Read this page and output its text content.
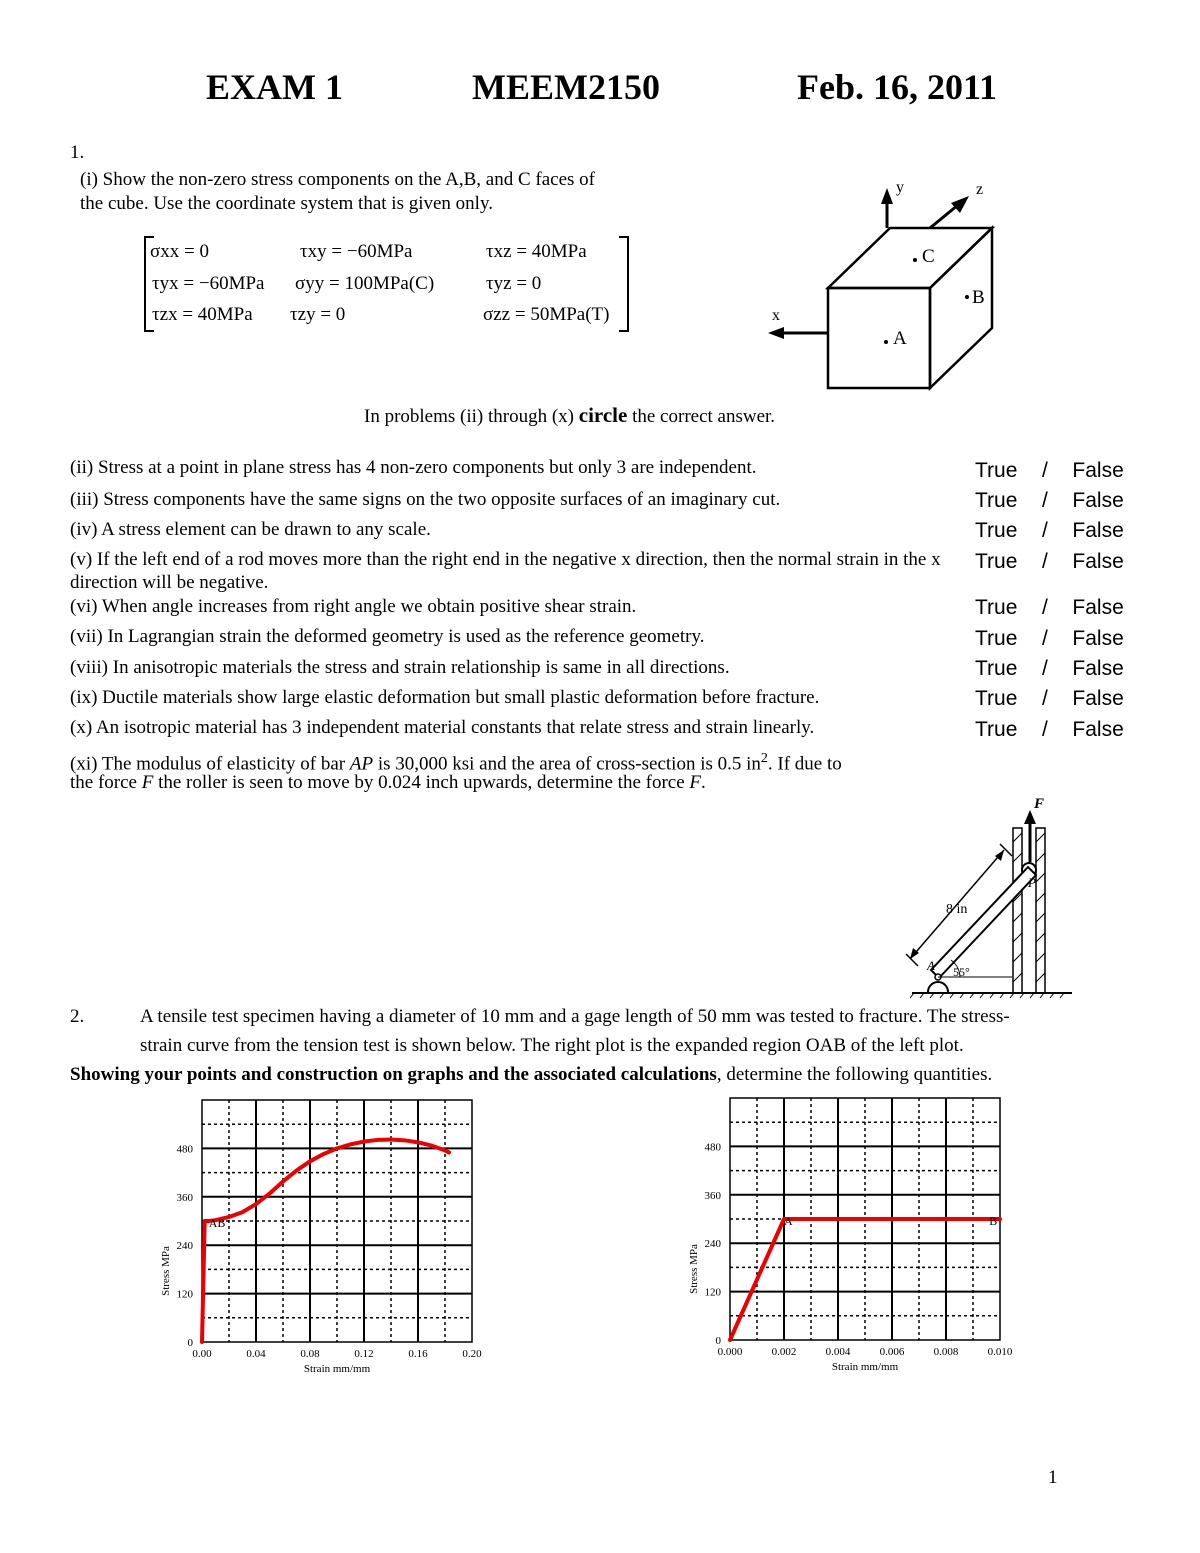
EXAM 1	MEEM2150	Feb. 16, 2011
1.
(i) Show the non-zero stress components on the A,B, and C faces of
the cube. Use the coordinate system that is given only.
σxx = 0	τxy = −60MPa	τxz = 40MPa
τyx = −60MPa σyy = 100MPa(C)	τyz = 0
τzx = 40MPa τzy = 0	σzz = 50MPa(T)
y	z
x
C
B
A
In problems (ii) through (x) circle the correct answer.
(ii) Stress at a point in plane stress has 4 non-zero components but only 3 are independent.
(iii) Stress components have the same signs on the two opposite surfaces of an imaginary cut.
(iv) A stress element can be drawn to any scale.
(v) If the left end of a rod moves more than the right end in the negative x direction, then the normal strain in the x direction will be negative.
(vi) When angle increases from right angle we obtain positive shear strain.
(vii) In Lagrangian strain the deformed geometry is used as the reference geometry.
(viii) In anisotropic materials the stress and strain relationship is same in all directions.
(ix) Ductile materials show large elastic deformation but small plastic deformation before fracture.
(x) An isotropic material has 3 independent material constants that relate stress and strain linearly.
True / False
True / False
True / False
True / False
True / False
True / False
True / False
True / False
True / False
(xi) The modulus of elasticity of bar AP is 30,000 ksi and the area of cross-section is 0.5 $in^2$. If due to
the force F the roller is seen to move by 0.024 inch upwards, determine the force F.
F
P
8 in
A 55°
2.	A tensile test specimen having a diameter of 10 mm and a gage length of 50 mm was tested to fracture. The stress-
strain curve from the tension test is shown below. The right plot is the expanded region OAB of the left plot.
Showing your points and construction on graphs and the associated calculations, determine the following quantities.
0.00	0.04	0.08	0.12	0.16	0.20
0
120
240
360
480
Strain mm/mm
Stress MPa
AB
0.000	0.002	0.004	0.006	0.008	0.010
0
120
240
360
480
Strain mm/mm
Stress MPa
A	B
1
